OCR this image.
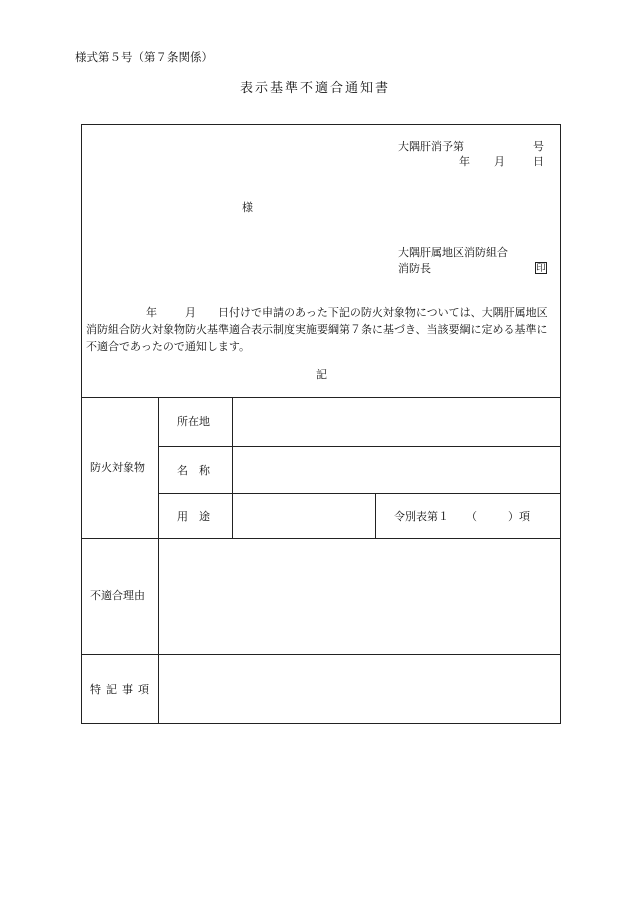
様式第５号（第７条関係）
表示基準不適合通知書
大隅肝消予第	号
年 月	日
様
大隅肝属地区消防組合
消防長	印
年	月 日付けで申請のあった下記の防火対象物については、大隅肝属地区消防組合防火対象物防火基準適合表示制度実施要綱第７条に基づき、当該要綱に定める基準に不適合であったので通知します。
記
防火対象物
所在地
名　称
用　途	令別表第１ （	）項
不適合理由
特記事項
